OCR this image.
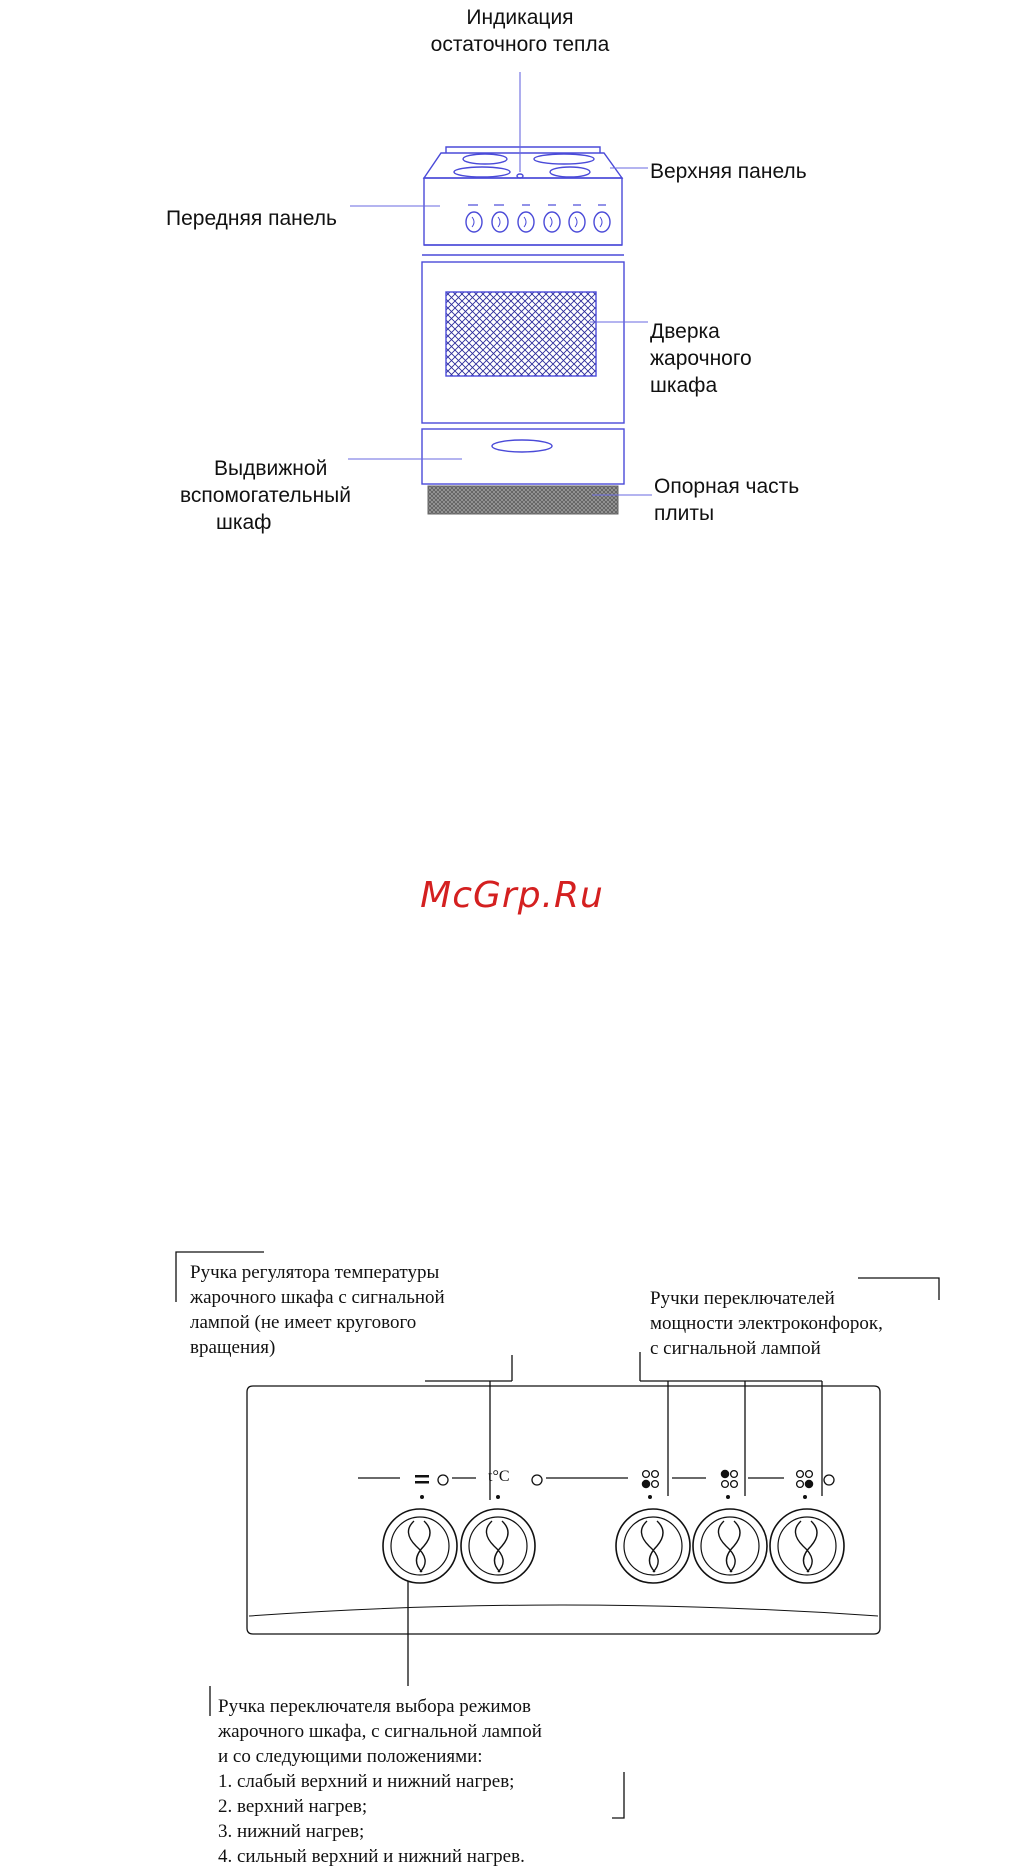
Индикация
остаточного тепла
Верхняя панель
Передняя панель
Дверка
жарочного
шкафа
Выдвижной
вспомогательный
шкаф
Опорная часть
плиты
McGrp.Ru
t°C
Ручка регулятора температуры
жарочного шкафа с сигнальной
лампой (не имеет кругового
вращения)
Ручки переключателей
мощности электроконфорок,
с сигнальной лампой
Ручка переключателя выбора режимов
жарочного шкафа, с сигнальной лампой
и со следующими положениями:
1. слабый верхний и нижний нагрев;
2. верхний нагрев;
3. нижний нагрев;
4. сильный верхний и нижний нагрев.
